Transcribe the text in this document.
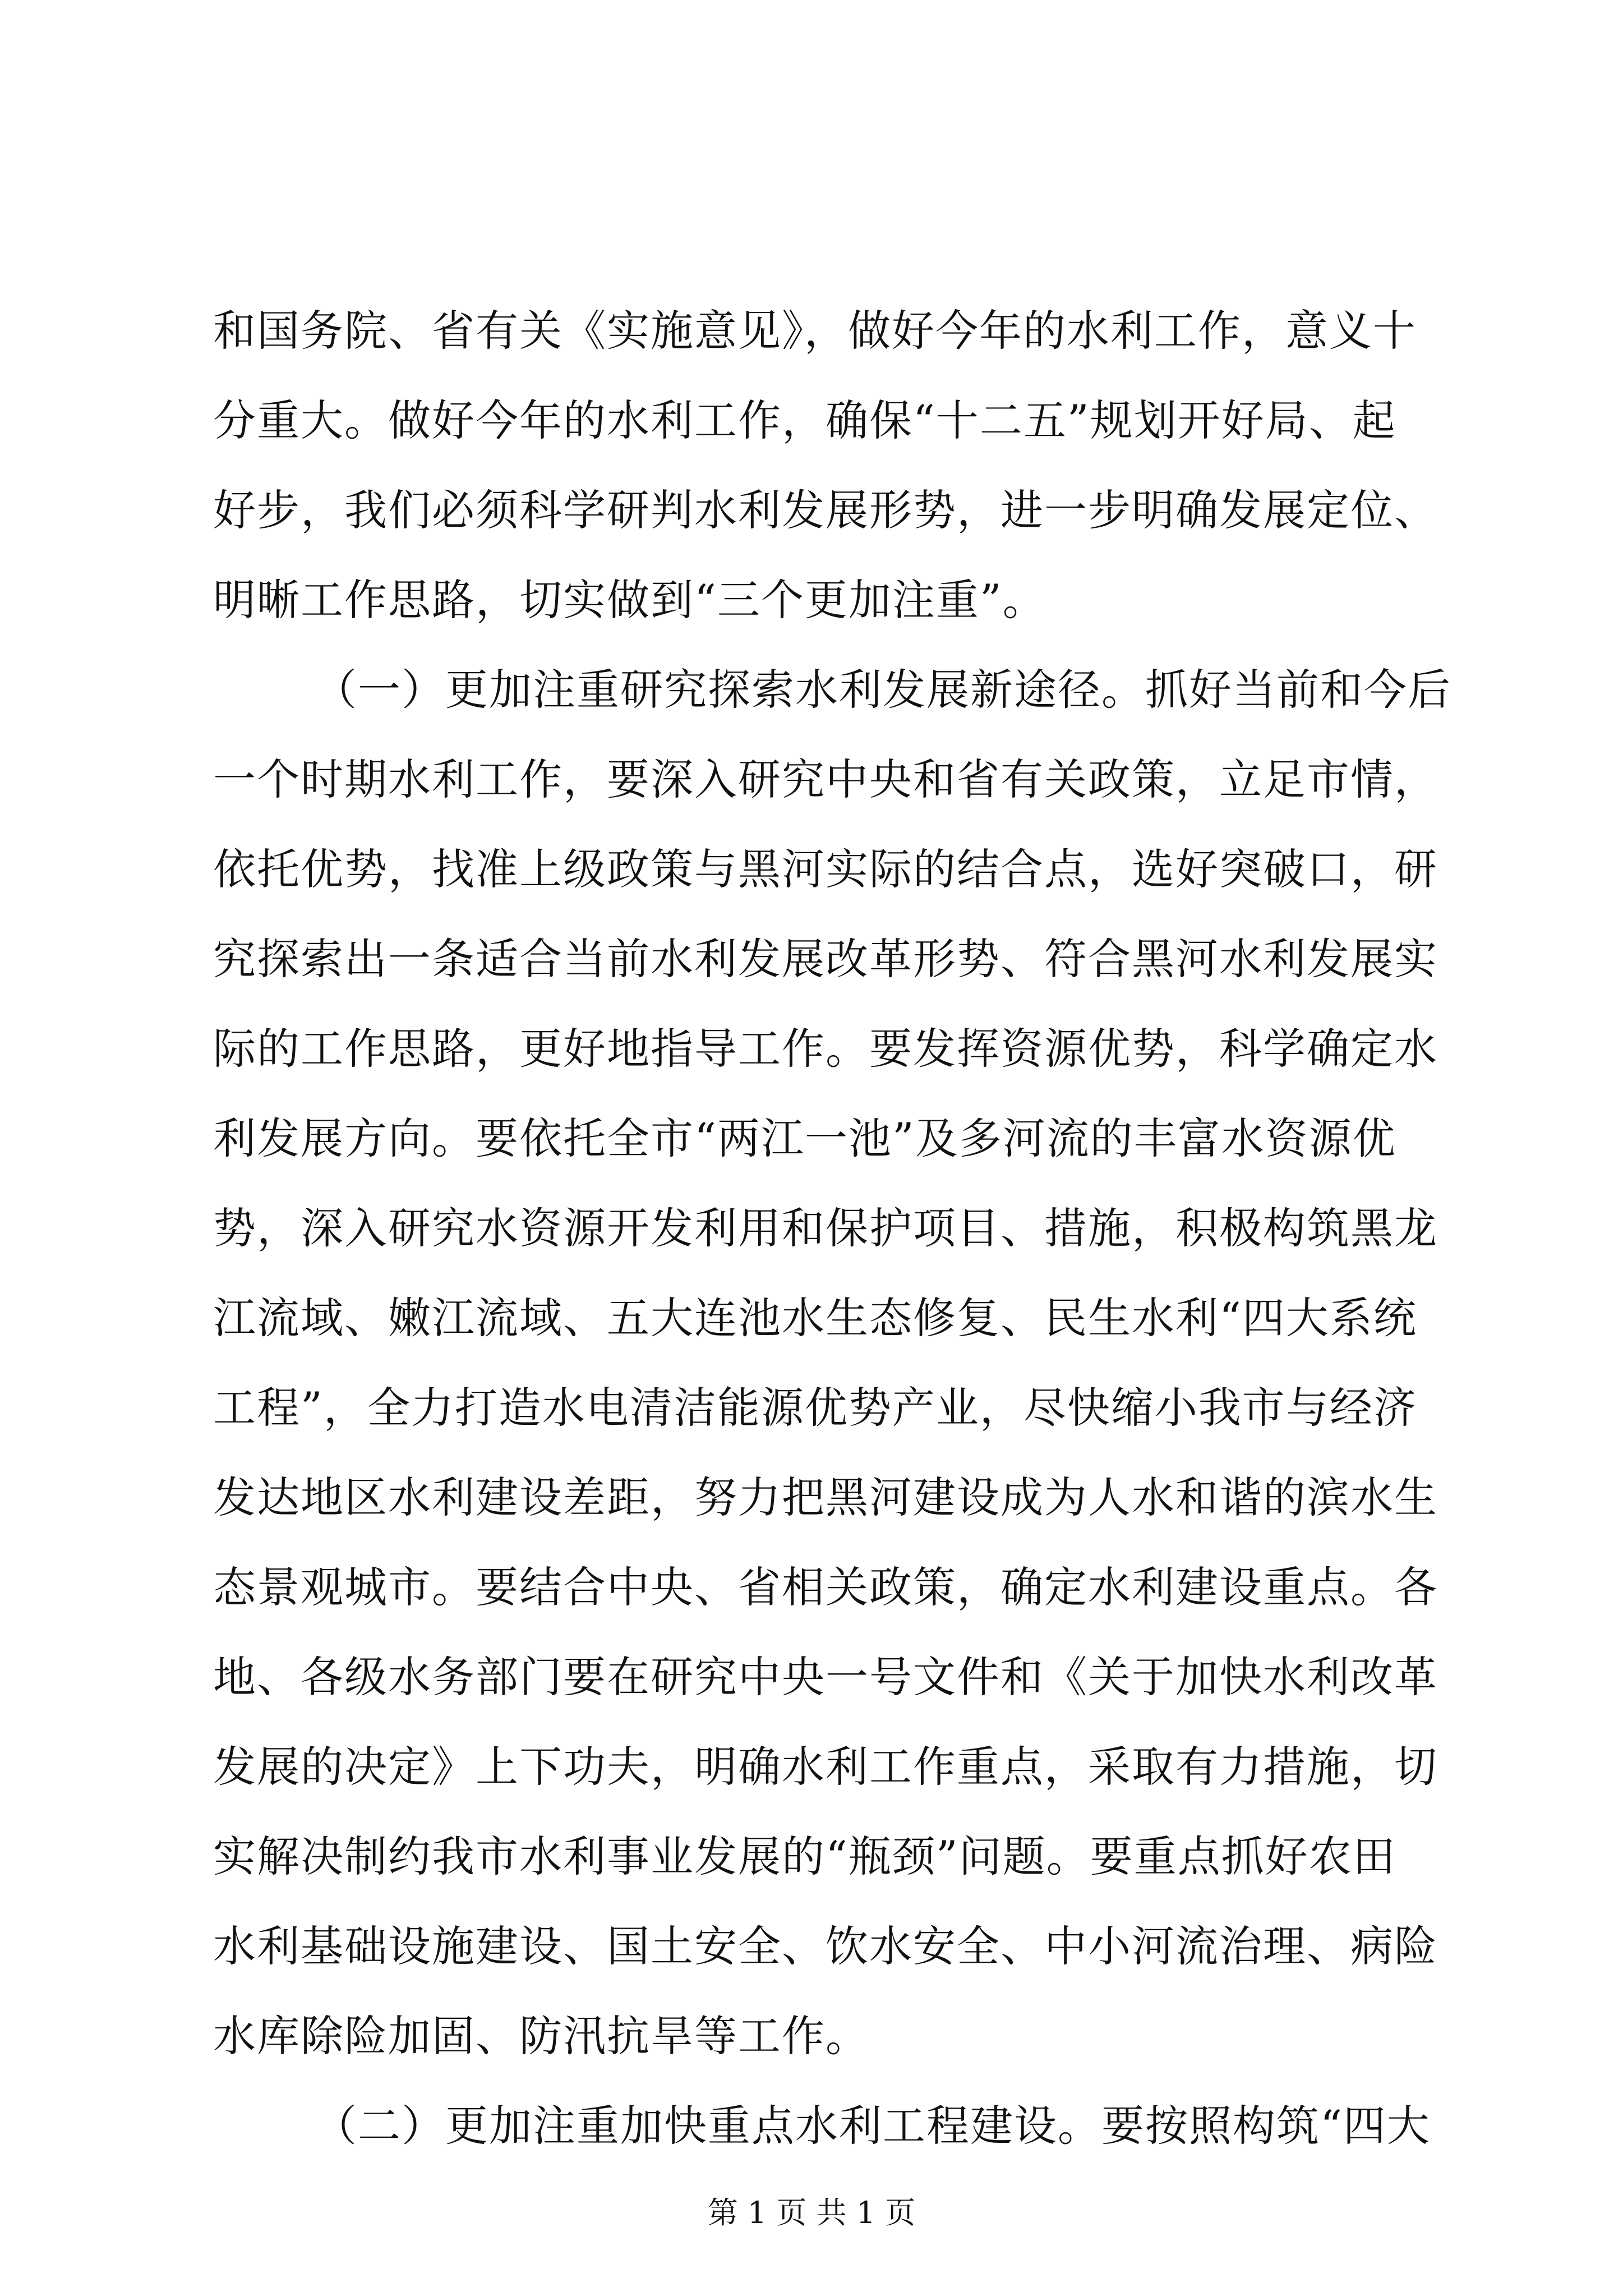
和国务院、省有关《实施意见》，做好今年的水利工作，意义十
分重大。做好今年的水利工作，确保“十二五”规划开好局、起
好步，我们必须科学研判水利发展形势，进一步明确发展定位、
明晰工作思路，切实做到“三个更加注重”。
（一）更加注重研究探索水利发展新途径。抓好当前和今后
一个时期水利工作，要深入研究中央和省有关政策，立足市情，
依托优势，找准上级政策与黑河实际的结合点，选好突破口，研
究探索出一条适合当前水利发展改革形势、符合黑河水利发展实
际的工作思路，更好地指导工作。要发挥资源优势，科学确定水
利发展方向。要依托全市“两江一池”及多河流的丰富水资源优
势，深入研究水资源开发利用和保护项目、措施，积极构筑黑龙
江流域、嫩江流域、五大连池水生态修复、民生水利“四大系统
工程”，全力打造水电清洁能源优势产业，尽快缩小我市与经济
发达地区水利建设差距，努力把黑河建设成为人水和谐的滨水生
态景观城市。要结合中央、省相关政策，确定水利建设重点。各
地、各级水务部门要在研究中央一号文件和《关于加快水利改革
发展的决定》上下功夫，明确水利工作重点，采取有力措施，切
实解决制约我市水利事业发展的“瓶颈”问题。要重点抓好农田
水利基础设施建设、国土安全、饮水安全、中小河流治理、病险
水库除险加固、防汛抗旱等工作。
（二）更加注重加快重点水利工程建设。要按照构筑“四大
第 1 页 共 1 页
